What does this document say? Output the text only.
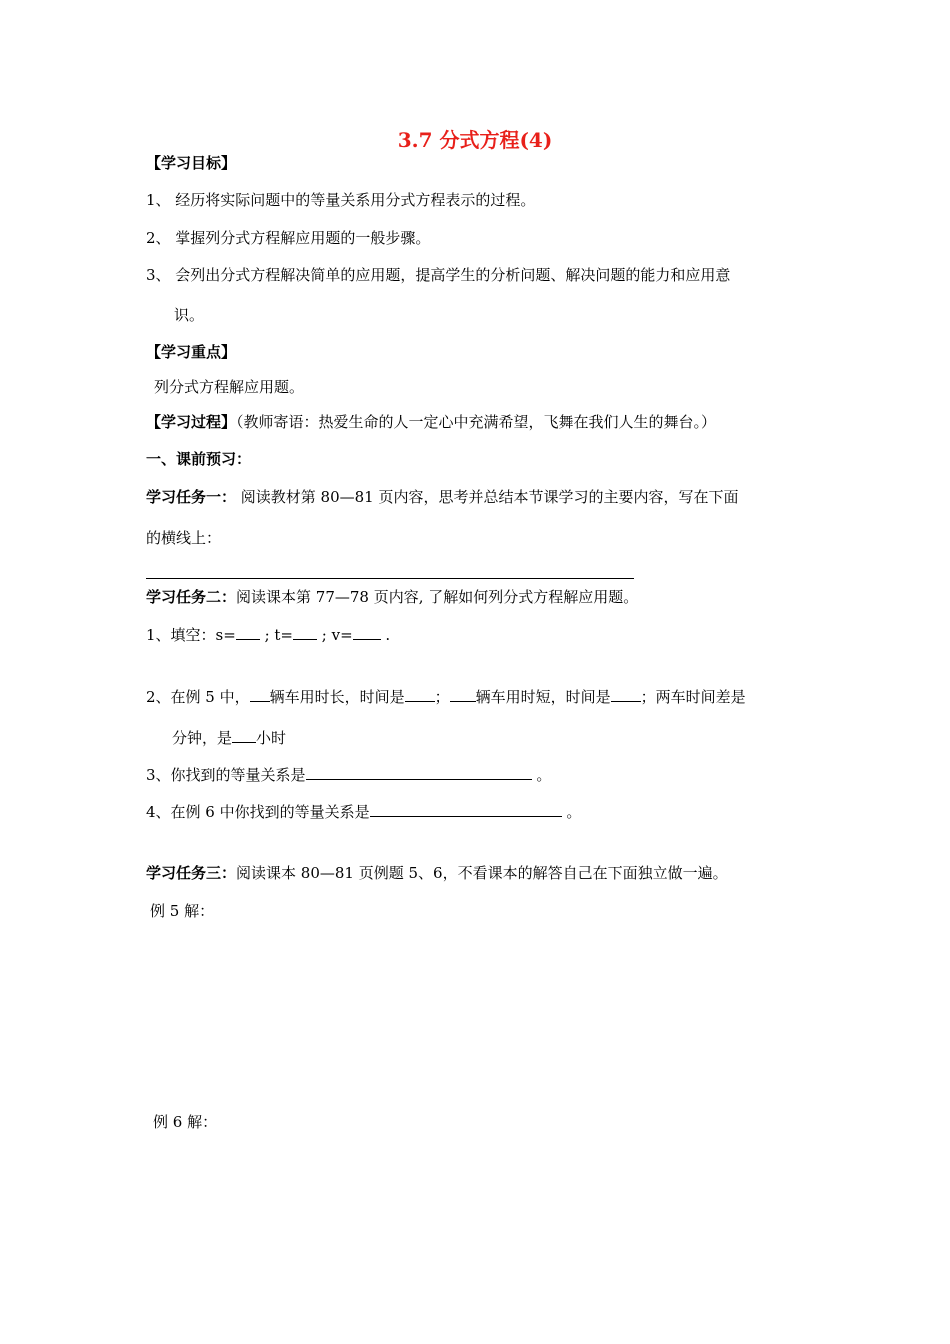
3.7 分式方程(4)
【学习目标】
1、 经历将实际问题中的等量关系用分式方程表示的过程。
2、 掌握列分式方程解应用题的一般步骤。
3、 会列出分式方程解决简单的应用题，提高学生的分析问题、解决问题的能力和应用意
识。
【学习重点】
列分式方程解应用题。
【学习过程】（教师寄语：热爱生命的人一定心中充满希望，飞舞在我们人生的舞台。）
一、课前预习：
学习任务一： 阅读教材第 80—81 页内容，思考并总结本节课学习的主要内容，写在下面
的横线上：
学习任务二：阅读课本第 77—78 页内容, 了解如何列分式方程解应用题。
1、填空：s= ; t= ; v= .
2、在例 5 中， 辆车用时长，时间是 ； 辆车用时短，时间是 ；两车时间差是
分钟，是 小时
3、你找到的等量关系是	。
4、在例 6 中你找到的等量关系是	。
学习任务三：阅读课本 80—81 页例题 5、6，不看课本的解答自己在下面独立做一遍。
例 5 解：
例 6 解：
